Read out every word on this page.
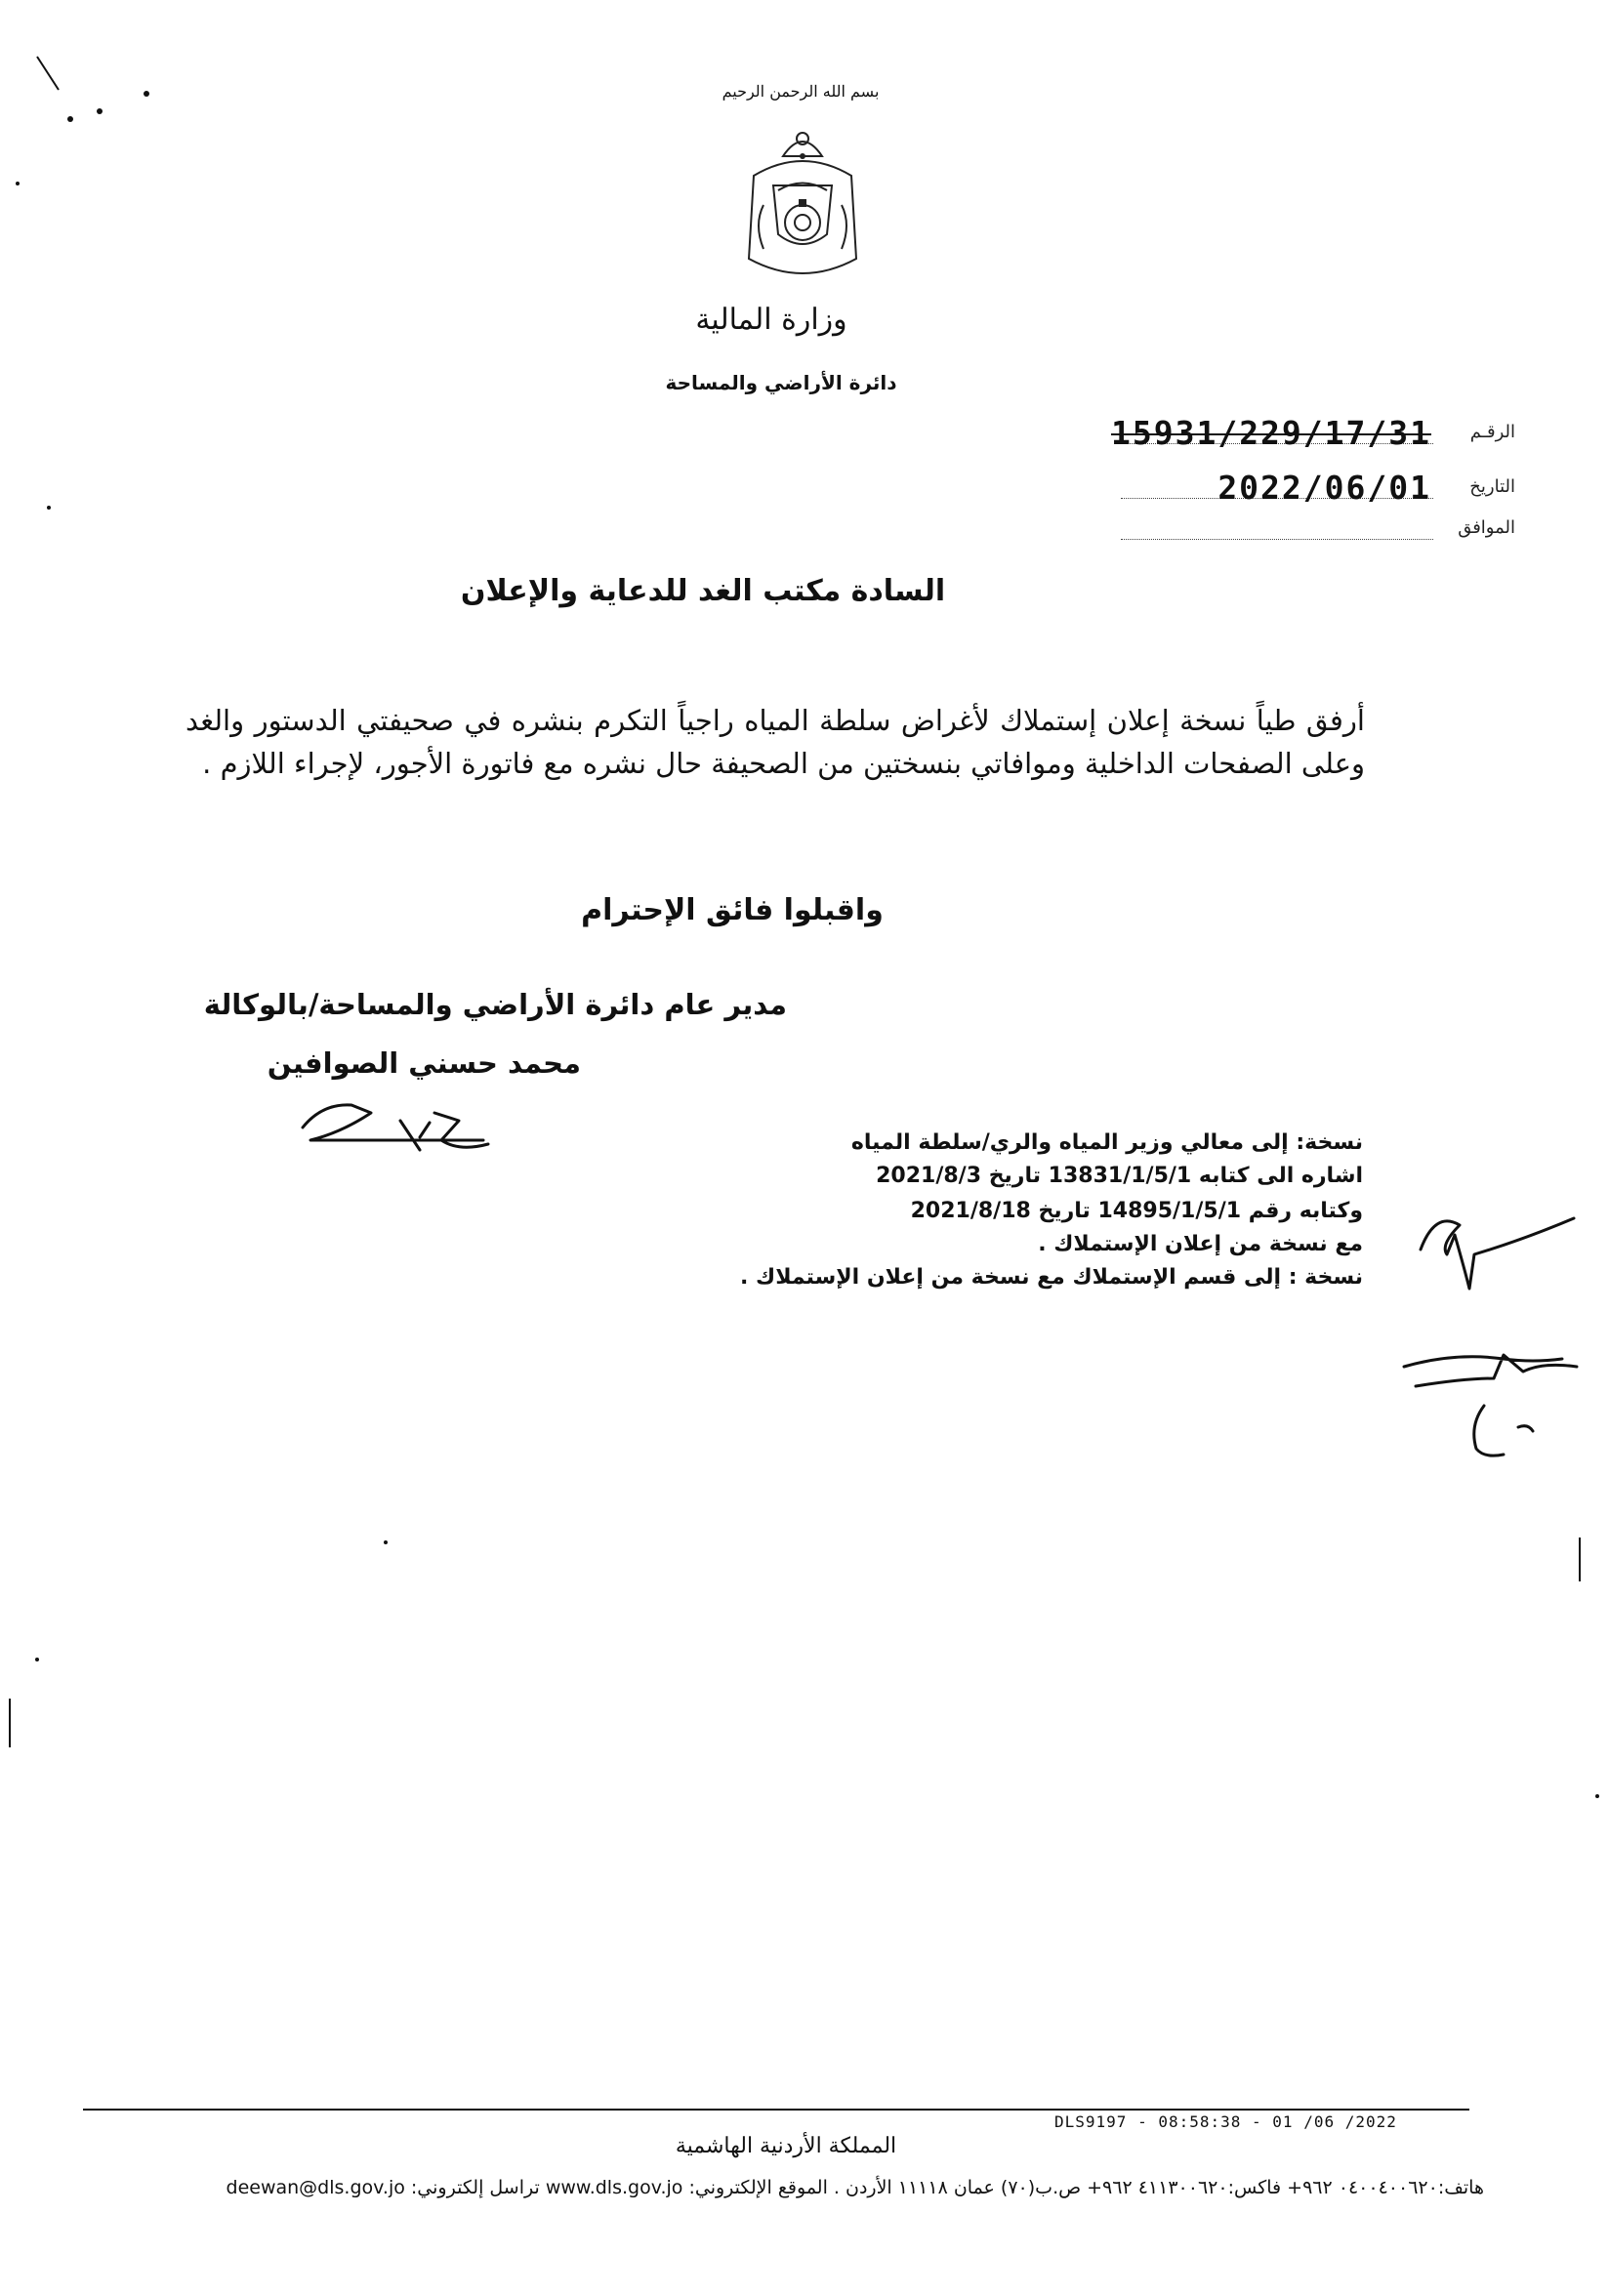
بسم الله الرحمن الرحيم
وزارة المالية
دائرة الأراضي والمساحة
الرقـم
15931/229/17/31
التاريخ
2022/06/01
الموافق
السادة مكتب الغد للدعاية والإعلان
أرفق طياً نسخة إعلان إستملاك لأغراض سلطة المياه راجياً التكرم بنشره في صحيفتي الدستور والغد وعلى الصفحات الداخلية وموافاتي بنسختين من الصحيفة حال نشره مع فاتورة الأجور، لإجراء اللازم .
واقبلوا فائق الإحترام
مدير عام دائرة الأراضي والمساحة/بالوكالة
محمد حسني الصوافين
نسخة: إلى معالي وزير المياه والري/سلطة المياه
اشاره الى كتابه 13831/1/5/1 تاريخ 2021/8/3
وكتابه رقم 14895/1/5/1 تاريخ 2021/8/18
مع نسخة من إعلان الإستملاك .
نسخة : إلى قسم الإستملاك مع نسخة من إعلان الإستملاك .
DLS9197 - 08:58:38 - 01 /06 /2022
المملكة الأردنية الهاشمية
هاتف:٠٤٠٠٤٠٠٦٢٠ ٩٦٢+ فاكس:٤١١٣٠٠٦٢٠ ٩٦٢+ ص.ب(٧٠) عمان ١١١١٨ الأردن . الموقع الإلكتروني: www.dls.gov.jo تراسل إلكتروني: deewan@dls.gov.jo
